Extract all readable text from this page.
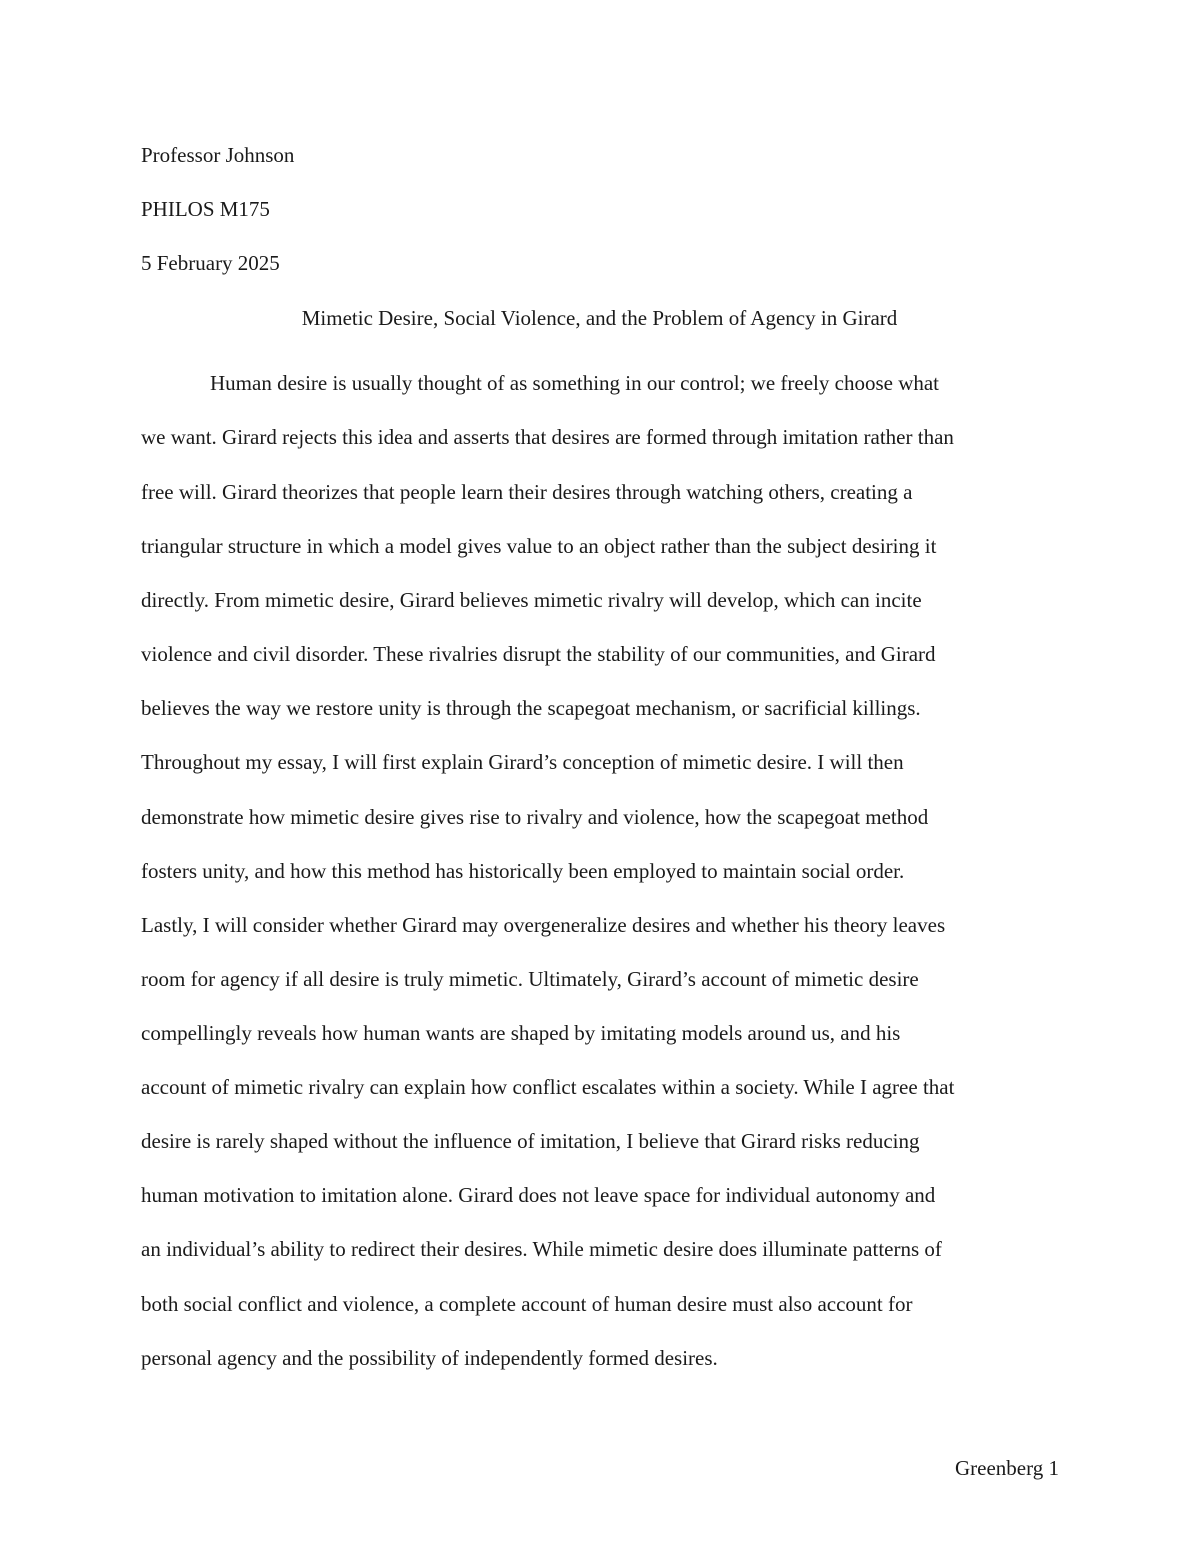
Professor Johnson
PHILOS M175
5 February 2025
Mimetic Desire, Social Violence, and the Problem of Agency in Girard
Human desire is usually thought of as something in our control; we freely choose what
we want. Girard rejects this idea and asserts that desires are formed through imitation rather than
free will. Girard theorizes that people learn their desires through watching others, creating a
triangular structure in which a model gives value to an object rather than the subject desiring it
directly. From mimetic desire, Girard believes mimetic rivalry will develop, which can incite
violence and civil disorder. These rivalries disrupt the stability of our communities, and Girard
believes the way we restore unity is through the scapegoat mechanism, or sacrificial killings.
Throughout my essay, I will first explain Girard’s conception of mimetic desire. I will then
demonstrate how mimetic desire gives rise to rivalry and violence, how the scapegoat method
fosters unity, and how this method has historically been employed to maintain social order.
Lastly, I will consider whether Girard may overgeneralize desires and whether his theory leaves
room for agency if all desire is truly mimetic. Ultimately, Girard’s account of mimetic desire
compellingly reveals how human wants are shaped by imitating models around us, and his
account of mimetic rivalry can explain how conflict escalates within a society. While I agree that
desire is rarely shaped without the influence of imitation, I believe that Girard risks reducing
human motivation to imitation alone. Girard does not leave space for individual autonomy and
an individual’s ability to redirect their desires. While mimetic desire does illuminate patterns of
both social conflict and violence, a complete account of human desire must also account for
personal agency and the possibility of independently formed desires.
Greenberg 1
